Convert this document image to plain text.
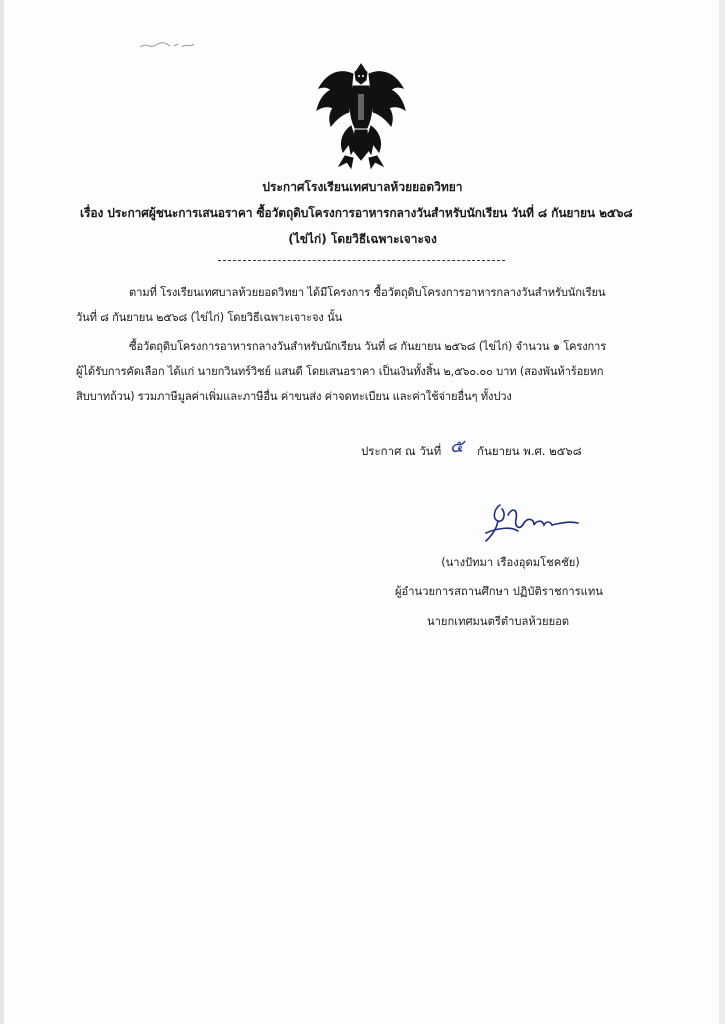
ประกาศโรงเรียนเทศบาลห้วยยอดวิทยา
เรื่อง ประกาศผู้ชนะการเสนอราคา ซื้อวัตถุดิบโครงการอาหารกลางวันสำหรับนักเรียน วันที่ ๘ กันยายน ๒๕๖๘
(ไข่ไก่) โดยวิธีเฉพาะเจาะจง
ตามที่ โรงเรียนเทศบาลห้วยยอดวิทยา ได้มีโครงการ ซื้อวัตถุดิบโครงการอาหารกลางวันสำหรับนักเรียน
วันที่ ๘ กันยายน ๒๕๖๘ (ไข่ไก่) โดยวิธีเฉพาะเจาะจง นั้น
ซื้อวัตถุดิบโครงการอาหารกลางวันสำหรับนักเรียน วันที่ ๘ กันยายน ๒๕๖๘ (ไข่ไก่) จำนวน ๑ โครงการ
ผู้ได้รับการคัดเลือก ได้แก่ นายกวินทร์วิชย์ แสนดี โดยเสนอราคา เป็นเงินทั้งสิ้น ๒,๕๖๐.๐๐ บาท (สองพันห้าร้อยหก
สิบบาทถ้วน) รวมภาษีมูลค่าเพิ่มและภาษีอื่น ค่าขนส่ง ค่าจดทะเบียน และค่าใช้จ่ายอื่นๆ ทั้งปวง
ประกาศ ณ วันที่ ๕ กันยายน พ.ศ. ๒๕๖๘
(นางปัทมา เรืองอุดมโชคชัย)
ผู้อำนวยการสถานศึกษา ปฏิบัติราชการแทน
นายกเทศมนตรีตำบลห้วยยอด
